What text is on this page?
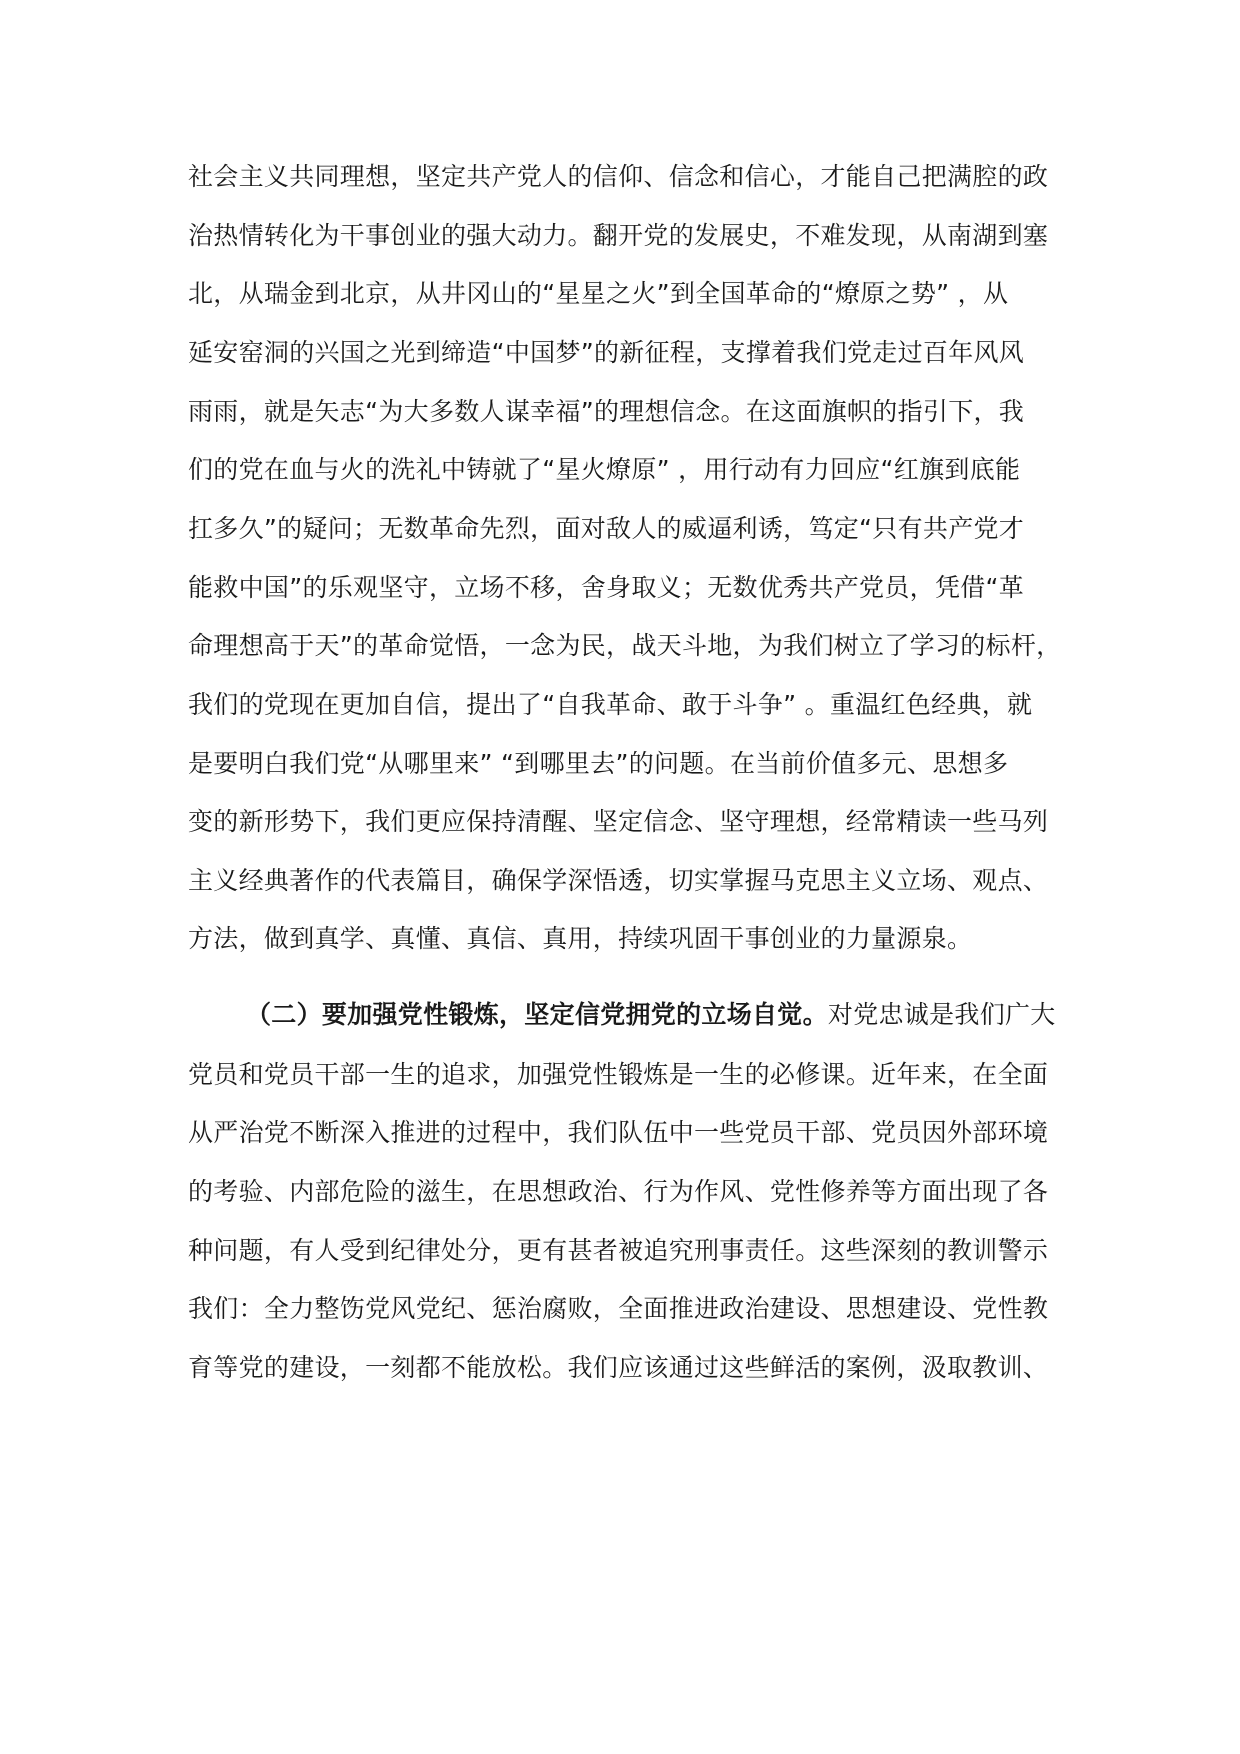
社会主义共同理想，坚定共产党人的信仰、信念和信心，才能自己把满腔的政
治热情转化为干事创业的强大动力。翻开党的发展史，不难发现，从南湖到塞
北，从瑞金到北京，从井冈山的“星星之火”到全国革命的“燎原之势” ，从
延安窑洞的兴国之光到缔造“中国梦”的新征程，支撑着我们党走过百年风风
雨雨，就是矢志“为大多数人谋幸福”的理想信念。在这面旗帜的指引下，我
们的党在血与火的洗礼中铸就了“星火燎原” ，用行动有力回应“红旗到底能
扛多久”的疑问；无数革命先烈，面对敌人的威逼利诱，笃定“只有共产党才
能救中国”的乐观坚守，立场不移，舍身取义；无数优秀共产党员，凭借“革
命理想高于天”的革命觉悟，一念为民，战天斗地，为我们树立了学习的标杆，
我们的党现在更加自信，提出了“自我革命、敢于斗争” 。重温红色经典，就
是要明白我们党“从哪里来” “到哪里去”的问题。在当前价值多元、思想多
变的新形势下，我们更应保持清醒、坚定信念、坚守理想，经常精读一些马列
主义经典著作的代表篇目，确保学深悟透，切实掌握马克思主义立场、观点、
方法，做到真学、真懂、真信、真用，持续巩固干事创业的力量源泉。
（二）要加强党性锻炼，坚定信党拥党的立场自觉。对党忠诚是我们广大
党员和党员干部一生的追求，加强党性锻炼是一生的必修课。近年来，在全面
从严治党不断深入推进的过程中，我们队伍中一些党员干部、党员因外部环境
的考验、内部危险的滋生，在思想政治、行为作风、党性修养等方面出现了各
种问题，有人受到纪律处分，更有甚者被追究刑事责任。这些深刻的教训警示
我们：全力整饬党风党纪、惩治腐败，全面推进政治建设、思想建设、党性教
育等党的建设，一刻都不能放松。我们应该通过这些鲜活的案例，汲取教训、
